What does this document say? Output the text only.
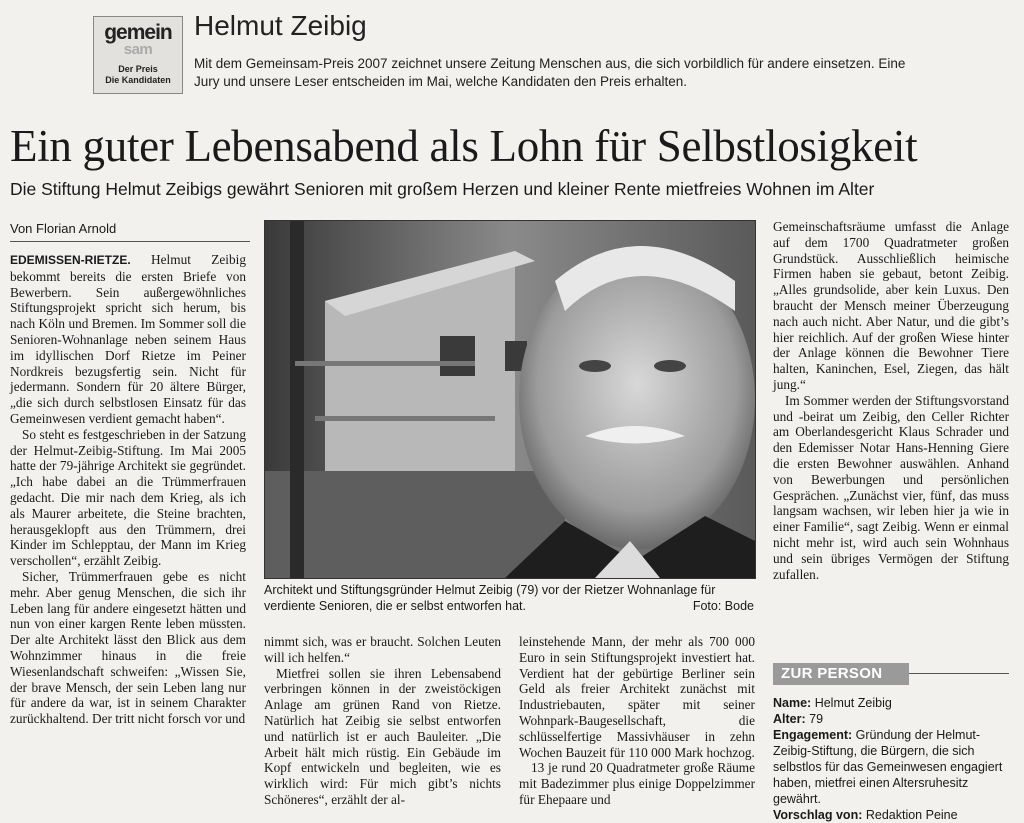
gemein
sam
Der Preis
Die Kandidaten
Helmut Zeibig
Mit dem Gemeinsam-Preis 2007 zeichnet unsere Zeitung Menschen aus, die sich vorbildlich für andere einsetzen. Eine Jury und unsere Leser entscheiden im Mai, welche Kandidaten den Preis erhalten.
Ein guter Lebensabend als Lohn für Selbstlosigkeit
Die Stiftung Helmut Zeibigs gewährt Senioren mit großem Herzen und kleiner Rente mietfreies Wohnen im Alter
Von Florian Arnold

EDEMISSEN-RIETZE. Helmut Zeibig bekommt bereits die ersten Briefe von Bewerbern. Sein außergewöhnliches Stiftungsprojekt spricht sich herum, bis nach Köln und Bremen. Im Sommer soll die Senioren-Wohnanlage neben seinem Haus im idyllischen Dorf Rietze im Peiner Nordkreis bezugsfertig sein. Nicht für jedermann. Sondern für 20 ältere Bürger, „die sich durch selbstlosen Einsatz für das Gemeinwesen verdient gemacht haben“.

So steht es festgeschrieben in der Satzung der Helmut-Zeibig-Stiftung. Im Mai 2005 hatte der 79-jährige Architekt sie gegründet. „Ich habe dabei an die Trümmerfrauen gedacht. Die mir nach dem Krieg, als ich als Maurer arbeitete, die Steine brachten, herausgeklopft aus den Trümmern, drei Kinder im Schlepptau, der Mann im Krieg verschollen“, erzählt Zeibig.

Sicher, Trümmerfrauen gebe es nicht mehr. Aber genug Menschen, die sich ihr Leben lang für andere eingesetzt hätten und nun von einer kargen Rente leben müssten. Der alte Architekt lässt den Blick aus dem Wohnzimmer hinaus in die freie Wiesenlandschaft schweifen: „Wissen Sie, der brave Mensch, der sein Leben lang nur für andere da war, ist in seinem Charakter zurückhaltend. Der tritt nicht forsch vor und

Architekt und Stiftungsgründer Helmut Zeibig (79) vor der Rietzer Wohnanlage für verdiente Senioren, die er selbst entworfen hat.	Foto: Bode

nimmt sich, was er braucht. Solchen Leuten will ich helfen.“

Mietfrei sollen sie ihren Lebensabend verbringen können in der zweistöckigen Anlage am grünen Rand von Rietze. Natürlich hat Zeibig sie selbst entworfen und natürlich ist er auch Bauleiter. „Die Arbeit hält mich rüstig. Ein Gebäude im Kopf entwickeln und begleiten, wie es wirklich wird: Für mich gibt’s nichts Schöneres“, erzählt der al-

leinstehende Mann, der mehr als 700 000 Euro in sein Stiftungsprojekt investiert hat. Verdient hat der gebürtige Berliner sein Geld als freier Architekt zunächst mit Industriebauten, später mit seiner Wohnpark-Baugesellschaft, die schlüsselfertige Massivhäuser in zehn Wochen Bauzeit für 110 000 Mark hochzog.

13 je rund 20 Quadratmeter große Räume mit Badezimmer plus einige Doppelzimmer für Ehepaare und

Gemeinschaftsräume umfasst die Anlage auf dem 1700 Quadratmeter großen Grundstück. Ausschließlich heimische Firmen haben sie gebaut, betont Zeibig. „Alles grundsolide, aber kein Luxus. Den braucht der Mensch meiner Überzeugung nach auch nicht. Aber Natur, und die gibt’s hier reichlich. Auf der großen Wiese hinter der Anlage können die Bewohner Tiere halten, Kaninchen, Esel, Ziegen, das hält jung.“

Im Sommer werden der Stiftungsvorstand und -beirat um Zeibig, den Celler Richter am Oberlandesgericht Klaus Schrader und den Edemisser Notar Hans-Henning Giere die ersten Bewohner auswählen. Anhand von Bewerbungen und persönlichen Gesprächen. „Zunächst vier, fünf, das muss langsam wachsen, wir leben hier ja wie in einer Familie“, sagt Zeibig. Wenn er einmal nicht mehr ist, wird auch sein Wohnhaus und sein übriges Vermögen der Stiftung zufallen.

ZUR PERSON
Name: Helmut Zeibig
Alter: 79
Engagement: Gründung der Helmut-Zeibig-Stiftung, die Bürgern, die sich selbstlos für das Gemeinwesen engagiert haben, mietfrei einen Altersruhesitz gewährt.
Vorschlag von: Redaktion Peine
